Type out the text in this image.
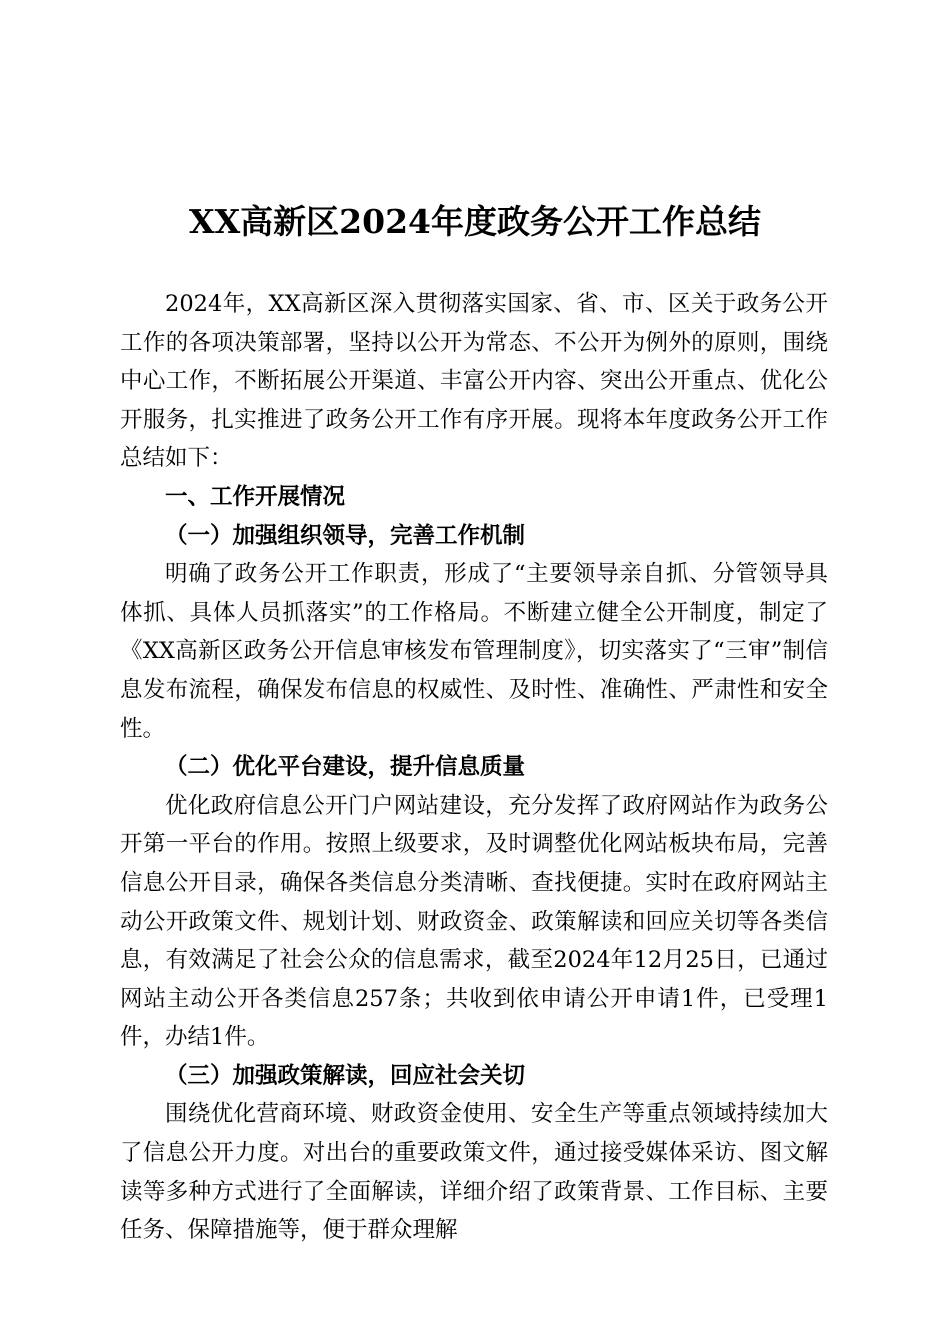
XX高新区2024年度政务公开工作总结

2024年，XX高新区深入贯彻落实国家、省、市、区关于政务公开工作的各项决策部署，坚持以公开为常态、不公开为例外的原则，围绕中心工作，不断拓展公开渠道、丰富公开内容、突出公开重点、优化公开服务，扎实推进了政务公开工作有序开展。现将本年度政务公开工作总结如下：

一、工作开展情况

（一）加强组织领导，完善工作机制

明确了政务公开工作职责，形成了“主要领导亲自抓、分管领导具体抓、具体人员抓落实”的工作格局。不断建立健全公开制度，制定了《XX高新区政务公开信息审核发布管理制度》，切实落实了“三审”制信息发布流程，确保发布信息的权威性、及时性、准确性、严肃性和安全性。

（二）优化平台建设，提升信息质量

优化政府信息公开门户网站建设，充分发挥了政府网站作为政务公开第一平台的作用。按照上级要求，及时调整优化网站板块布局，完善信息公开目录，确保各类信息分类清晰、查找便捷。实时在政府网站主动公开政策文件、规划计划、财政资金、政策解读和回应关切等各类信息，有效满足了社会公众的信息需求，截至2024年12月25日，已通过网站主动公开各类信息257条；共收到依申请公开申请1件，已受理1件，办结1件。

（三）加强政策解读，回应社会关切

围绕优化营商环境、财政资金使用、安全生产等重点领域持续加大了信息公开力度。对出台的重要政策文件，通过接受媒体采访、图文解读等多种方式进行了全面解读，详细介绍了政策背景、工作目标、主要任务、保障措施等，便于群众理解
